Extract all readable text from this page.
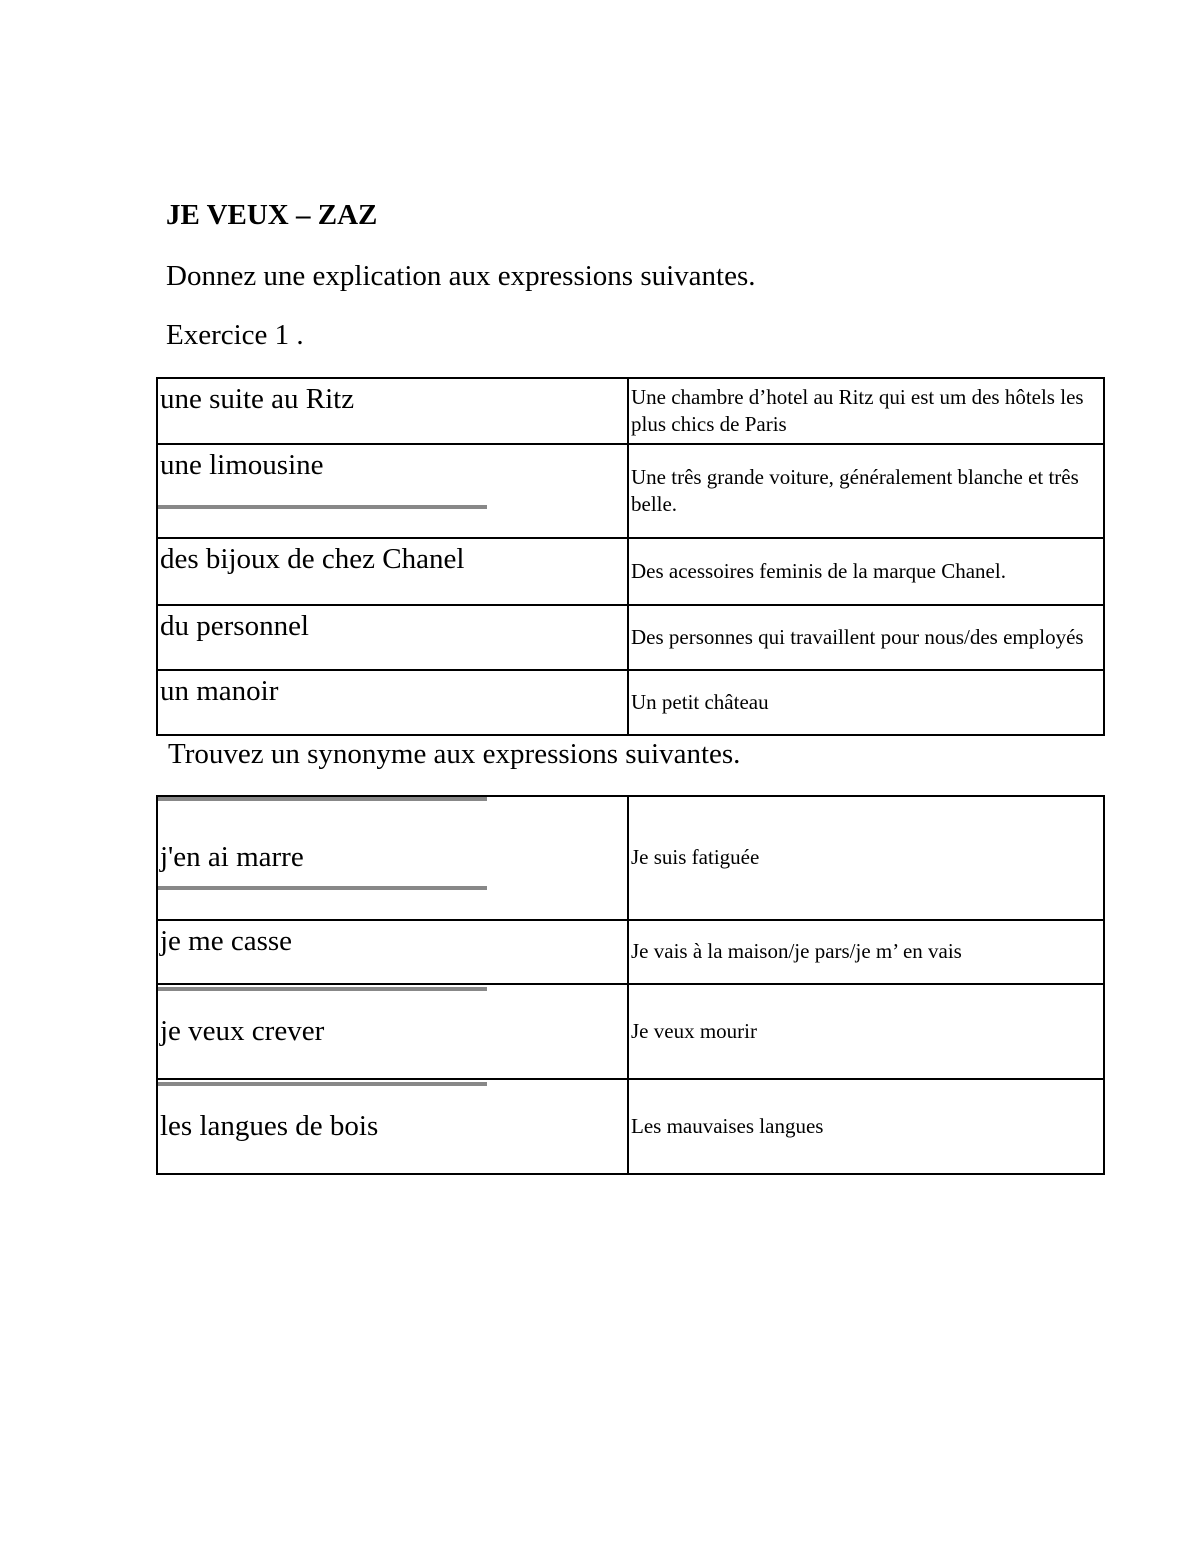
JE VEUX – ZAZ

Donnez une explication aux expressions suivantes.

Exercice 1 .

une suite au Ritz	Une chambre d’hotel au Ritz qui est um des hôtels les plus chics de Paris
une limousine	Une três grande voiture, généralement blanche et três belle.
des bijoux de chez Chanel	Des acessoires feminis de la marque Chanel.
du personnel	Des personnes qui travaillent pour nous/des employés
un manoir	Un petit château

Trouvez un synonyme aux expressions suivantes.

j'en ai marre	Je suis fatiguée
je me casse	Je vais à la maison/je pars/je m’ en vais

je veux crever	Je veux mourir

les langues de bois	Les mauvaises langues
